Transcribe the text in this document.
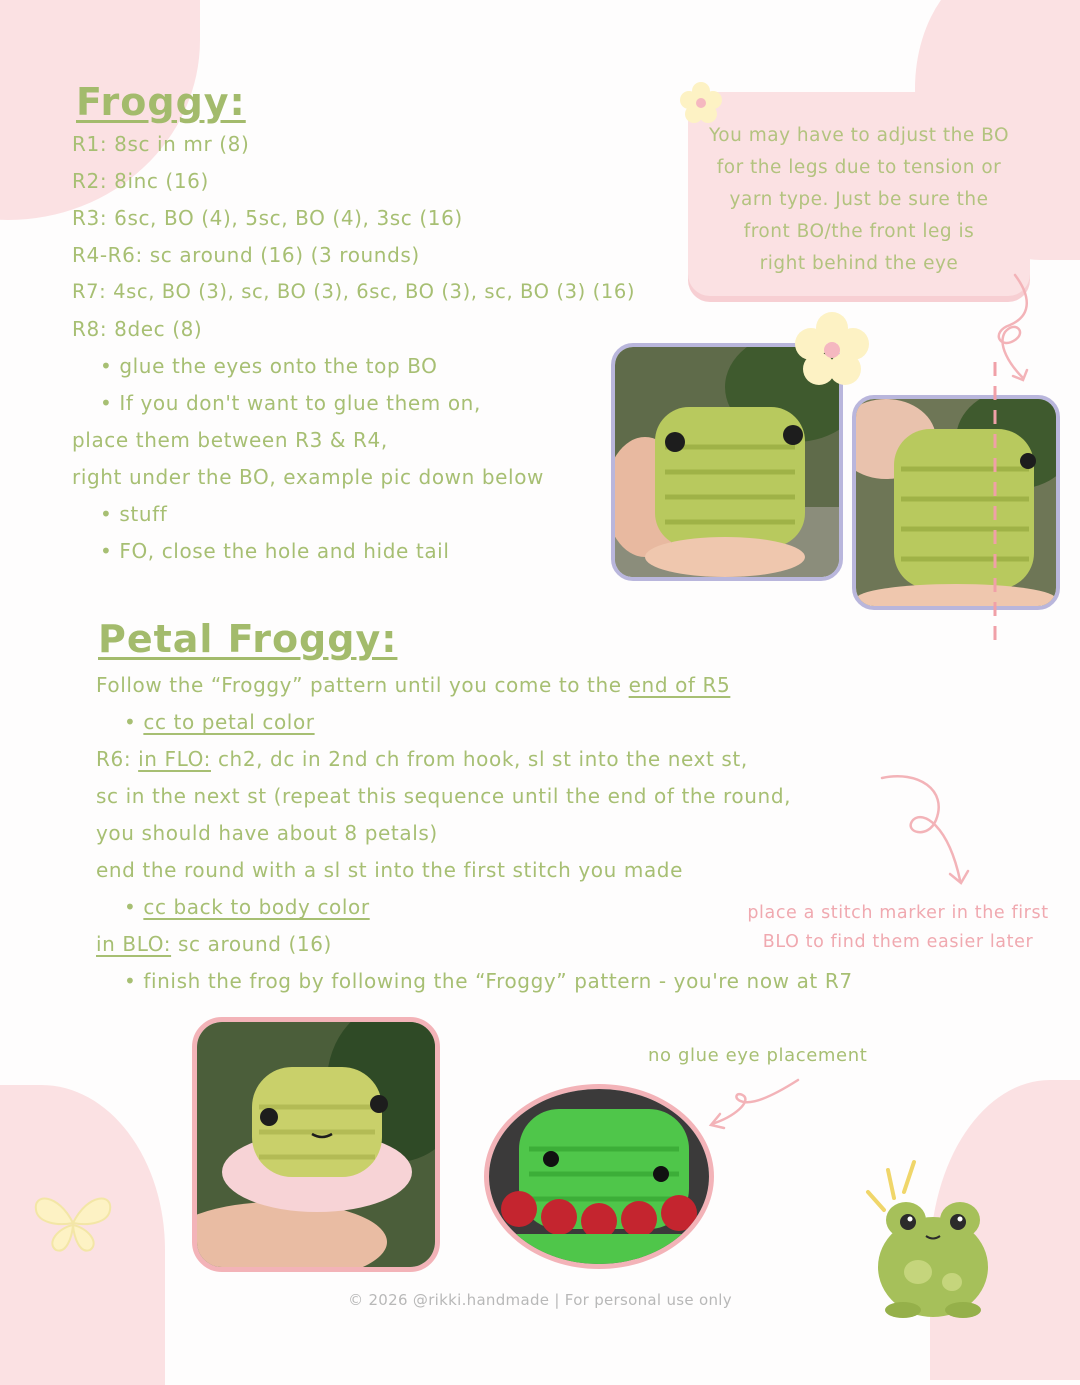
Froggy:
R1: 8sc in mr (8)
R2: 8inc (16)
R3: 6sc, BO (4), 5sc, BO (4), 3sc (16)
R4-R6: sc around (16) (3 rounds)
R7: 4sc, BO (3), sc, BO (3), 6sc, BO (3), sc, BO (3) (16)
R8: 8dec (8)
• glue the eyes onto the top BO
• If you don't want to glue them on,
place them between R3 & R4,
right under the BO, example pic down below
• stuff
• FO, close the hole and hide tail
You may have to adjust the BO
for the legs due to tension or
yarn type. Just be sure the
front BO/the front leg is
right behind the eye
Petal Froggy:
Follow the “Froggy” pattern until you come to the end of R5
• cc to petal color
R6: in FLO: ch2, dc in 2nd ch from hook, sl st into the next st,
sc in the next st (repeat this sequence until the end of the round,
you should have about 8 petals)
end the round with a sl st into the first stitch you made
• cc back to body color
in BLO: sc around (16)
• finish the frog by following the “Froggy” pattern - you're now at R7
place a stitch marker in the first
BLO to find them easier later
no glue eye placement
© 2026 @rikki.handmade | For personal use only
